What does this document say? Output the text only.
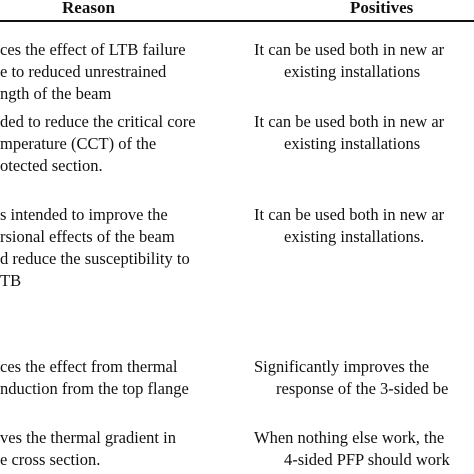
Reason	Positives
ces the effect of LTB failure
e to reduced unrestrained
ngth of the beam
It can be used both in new ar
existing installations
ded to reduce the critical core
mperature (CCT) of the
otected section.
It can be used both in new ar
existing installations
s intended to improve the
rsional effects of the beam
d reduce the susceptibility to
TB
It can be used both in new ar
existing installations.
ces the effect from thermal
nduction from the top flange
Significantly improves the
response of the 3-sided be
ves the thermal gradient in
e cross section.
When nothing else work, the
4-sided PFP should work
